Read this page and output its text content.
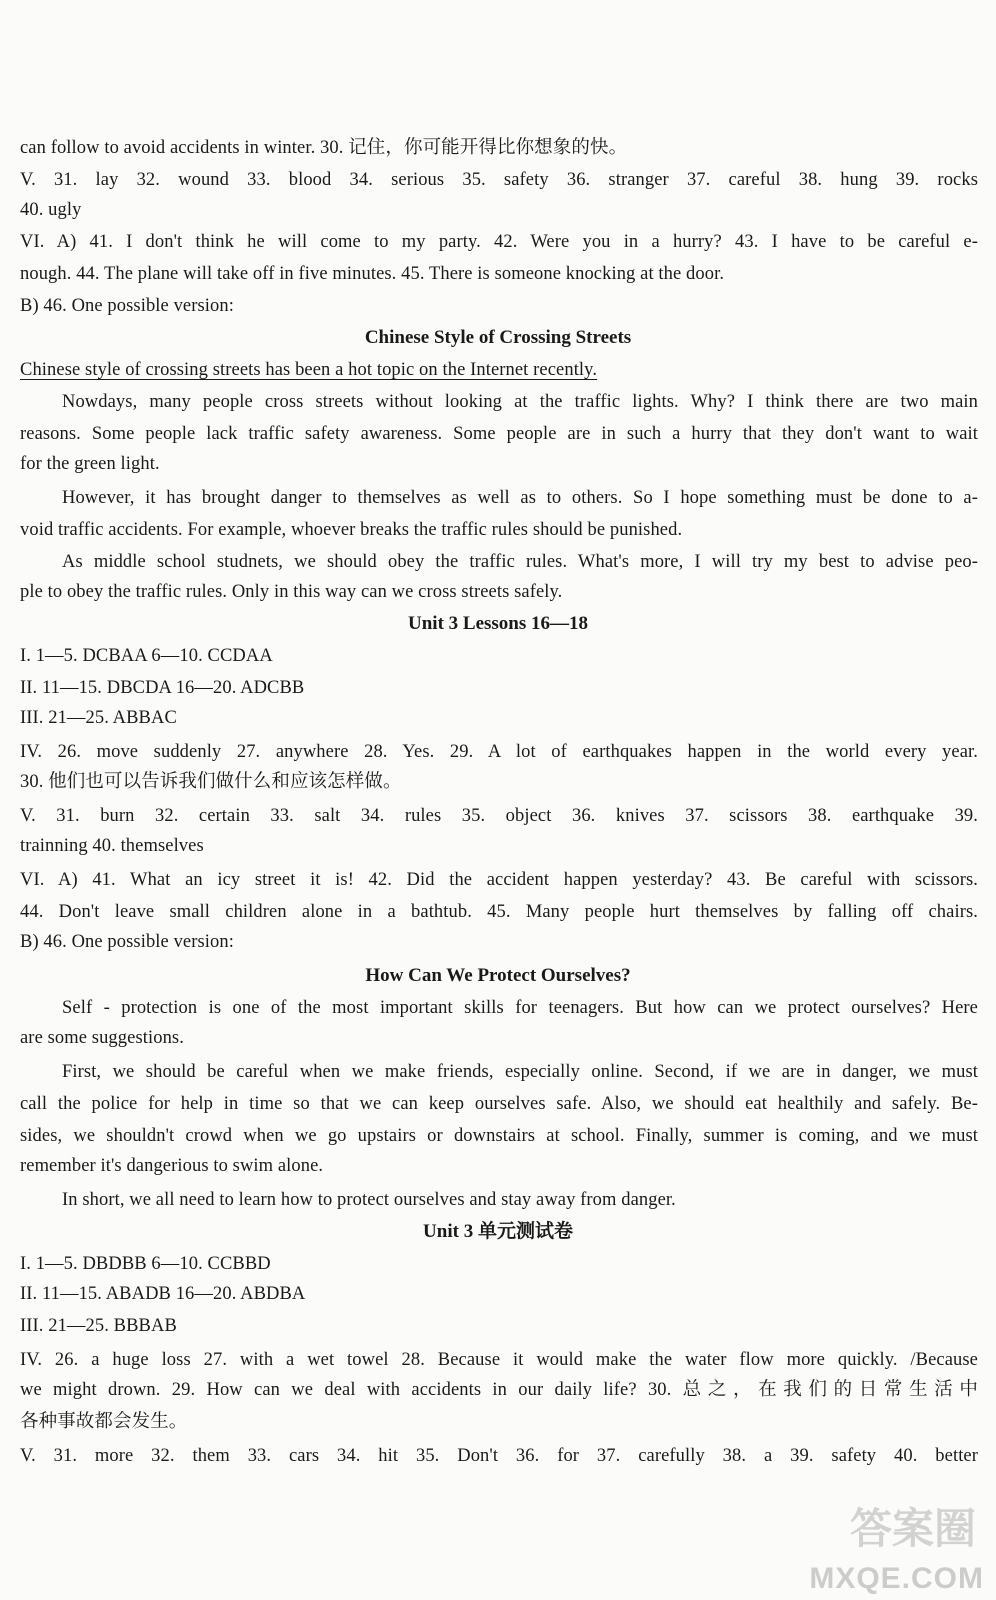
can follow to avoid accidents in winter. 30. 记住，你可能开得比你想象的快。
V. 31. lay 32. wound 33. blood 34. serious 35. safety 36. stranger 37. careful 38. hung 39. rocks
40. ugly
VI. A) 41. I don't think he will come to my party. 42. Were you in a hurry? 43. I have to be careful e-
nough. 44. The plane will take off in five minutes. 45. There is someone knocking at the door.
B) 46. One possible version:
Chinese Style of Crossing Streets
Chinese style of crossing streets has been a hot topic on the Internet recently.
Nowdays, many people cross streets without looking at the traffic lights. Why? I think there are two main
reasons. Some people lack traffic safety awareness. Some people are in such a hurry that they don't want to wait
for the green light.
However, it has brought danger to themselves as well as to others. So I hope something must be done to a-
void traffic accidents. For example, whoever breaks the traffic rules should be punished.
As middle school studnets, we should obey the traffic rules. What's more, I will try my best to advise peo-
ple to obey the traffic rules. Only in this way can we cross streets safely.
Unit 3 Lessons 16—18
I. 1—5. DCBAA 6—10. CCDAA
II. 11—15. DBCDA 16—20. ADCBB
III. 21—25. ABBAC
IV. 26. move suddenly 27. anywhere 28. Yes. 29. A lot of earthquakes happen in the world every year.
30. 他们也可以告诉我们做什么和应该怎样做。
V. 31. burn 32. certain 33. salt 34. rules 35. object 36. knives 37. scissors 38. earthquake 39.
trainning 40. themselves
VI. A) 41. What an icy street it is! 42. Did the accident happen yesterday? 43. Be careful with scissors.
44. Don't leave small children alone in a bathtub. 45. Many people hurt themselves by falling off chairs.
B) 46. One possible version:
How Can We Protect Ourselves?
Self - protection is one of the most important skills for teenagers. But how can we protect ourselves? Here
are some suggestions.
First, we should be careful when we make friends, especially online. Second, if we are in danger, we must
call the police for help in time so that we can keep ourselves safe. Also, we should eat healthily and safely. Be-
sides, we shouldn't crowd when we go upstairs or downstairs at school. Finally, summer is coming, and we must
remember it's dangerious to swim alone.
In short, we all need to learn how to protect ourselves and stay away from danger.
Unit 3 单元测试卷
I. 1—5. DBDBB 6—10. CCBBD
II. 11—15. ABADB 16—20. ABDBA
III. 21—25. BBBAB
IV. 26. a huge loss 27. with a wet towel 28. Because it would make the water flow more quickly. /Because
we might drown. 29. How can we deal with accidents in our daily life? 30. 总之，在我们的日常生活中
各种事故都会发生。
V. 31. more 32. them 33. cars 34. hit 35. Don't 36. for 37. carefully 38. a 39. safety 40. better
答案圈
MXQE.COM
